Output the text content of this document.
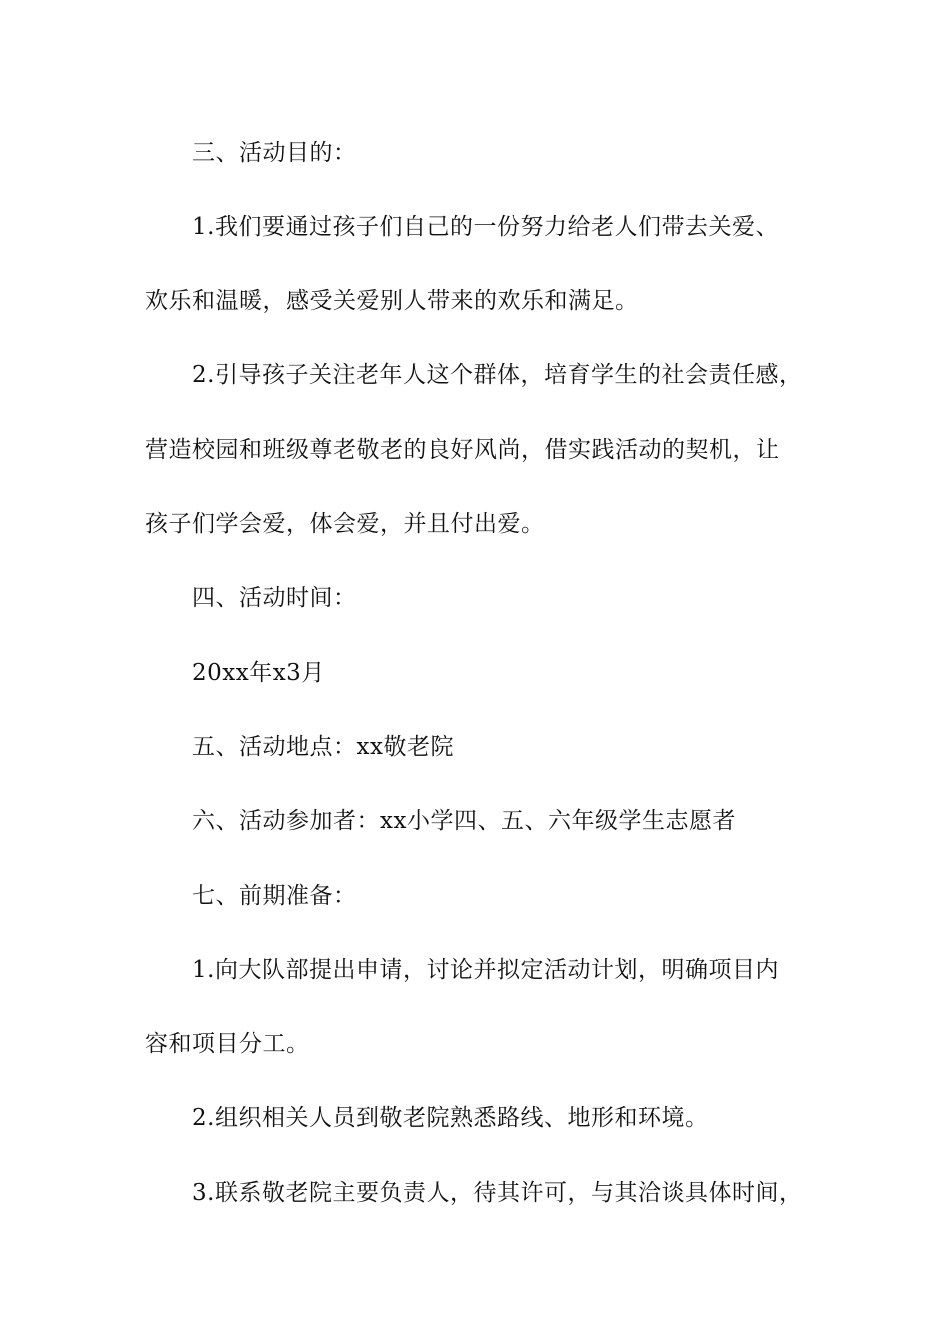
三、活动目的：
1.我们要通过孩子们自己的一份努力给老人们带去关爱、
欢乐和温暖，感受关爱别人带来的欢乐和满足。
2.引导孩子关注老年人这个群体，培育学生的社会责任感，
营造校园和班级尊老敬老的良好风尚，借实践活动的契机，让
孩子们学会爱，体会爱，并且付出爱。
四、活动时间：
20xx年x3月
五、活动地点：xx敬老院
六、活动参加者：xx小学四、五、六年级学生志愿者
七、前期准备：
1.向大队部提出申请，讨论并拟定活动计划，明确项目内
容和项目分工。
2.组织相关人员到敬老院熟悉路线、地形和环境。
3.联系敬老院主要负责人，待其许可，与其洽谈具体时间，
